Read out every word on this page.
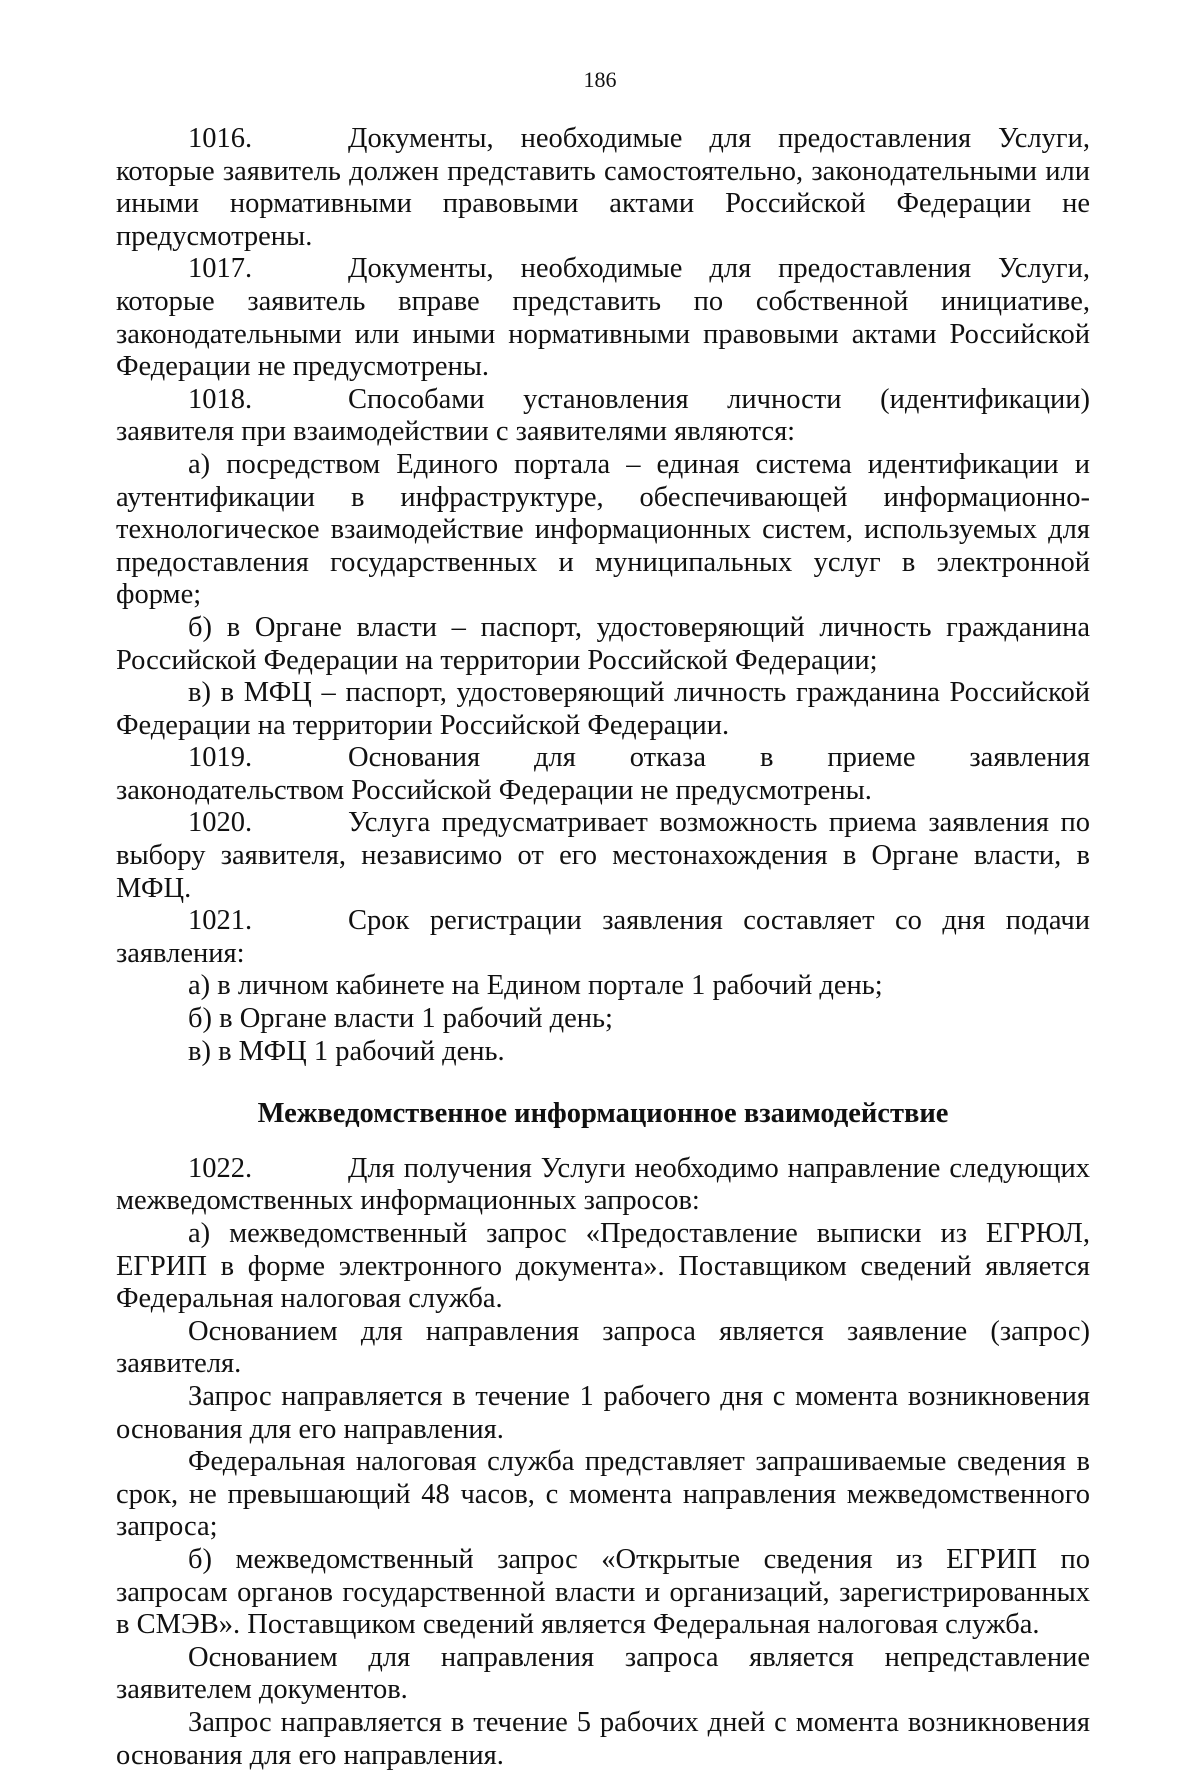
186

1016.	Документы, необходимые для предоставления Услуги, которые заявитель должен представить самостоятельно, законодательными или иными нормативными правовыми актами Российской Федерации не предусмотрены.

1017.	Документы, необходимые для предоставления Услуги, которые заявитель вправе представить по собственной инициативе, законодательными или иными нормативными правовыми актами Российской Федерации не предусмотрены.

1018.	Способами установления личности (идентификации) заявителя при взаимодействии с заявителями являются:

а) посредством Единого портала – единая система идентификации и аутентификации в инфраструктуре, обеспечивающей информационно-технологическое взаимодействие информационных систем, используемых для предоставления государственных и муниципальных услуг в электронной форме;

б) в Органе власти – паспорт, удостоверяющий личность гражданина Российской Федерации на территории Российской Федерации;

в) в МФЦ – паспорт, удостоверяющий личность гражданина Российской Федерации на территории Российской Федерации.

1019.	Основания для отказа в приеме заявления законодательством Российской Федерации не предусмотрены.

1020.	Услуга предусматривает возможность приема заявления по выбору заявителя, независимо от его местонахождения в Органе власти, в МФЦ.

1021.	Срок регистрации заявления составляет со дня подачи заявления:

а) в личном кабинете на Едином портале 1 рабочий день;

б) в Органе власти 1 рабочий день;

в) в МФЦ 1 рабочий день.

Межведомственное информационное взаимодействие

1022.	Для получения Услуги необходимо направление следующих межведомственных информационных запросов:

а) межведомственный запрос «Предоставление выписки из ЕГРЮЛ, ЕГРИП в форме электронного документа». Поставщиком сведений является Федеральная налоговая служба.

Основанием для направления запроса является заявление (запрос) заявителя.

Запрос направляется в течение 1 рабочего дня с момента возникновения основания для его направления.

Федеральная налоговая служба представляет запрашиваемые сведения в срок, не превышающий 48 часов, с момента направления межведомственного запроса;

б) межведомственный запрос «Открытые сведения из ЕГРИП по запросам органов государственной власти и организаций, зарегистрированных в СМЭВ». Поставщиком сведений является Федеральная налоговая служба.

Основанием для направления запроса является непредставление заявителем документов.

Запрос направляется в течение 5 рабочих дней с момента возникновения основания для его направления.
